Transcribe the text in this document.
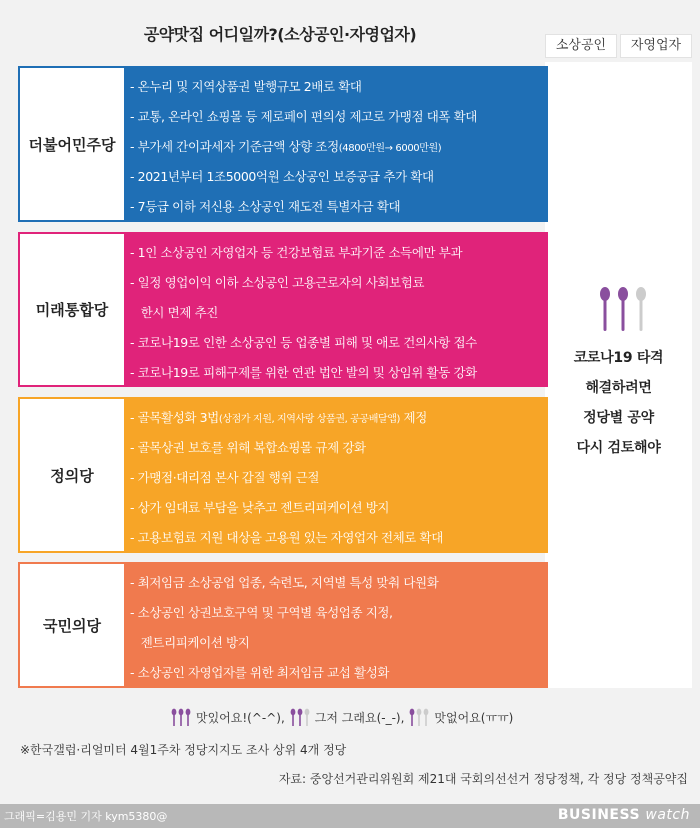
공약맛집 어디일까?(소상공인·자영업자)
소상공인	자영업자
더불어민주당
- 온누리 및 지역상품권 발행규모 2배로 확대
- 교통, 온라인 쇼핑몰 등 제로페이 편의성 제고로 가맹점 대폭 확대
- 부가세 간이과세자 기준금액 상향 조정(4800만원→ 6000만원)
- 2021년부터 1조5000억원 소상공인 보증공급 추가 확대
- 7등급 이하 저신용 소상공인 재도전 특별자금 확대
미래통합당
- 1인 소상공인 자영업자 등 건강보험료 부과기준 소득에만 부과
- 일정 영업이익 이하 소상공인 고용근로자의 사회보험료
한시 면제 추진
- 코로나19로 인한 소상공인 등 업종별 피해 및 애로 건의사항 접수
- 코로나19로 피해구제를 위한 연관 법안 발의 및 상임위 활동 강화
정의당
- 골목활성화 3법(상점가 지원, 지역사랑 상품권, 공공배달앱) 제정
- 골목상권 보호를 위해 복합쇼핑몰 규제 강화
- 가맹점·대리점 본사 갑질 행위 근절
- 상가 임대료 부담을 낮추고 젠트리피케이션 방지
- 고용보험료 지원 대상을 고용원 있는 자영업자 전체로 확대
국민의당
- 최저임금 소상공업 업종, 숙련도, 지역별 특성 맞춰 다원화
- 소상공인 상권보호구역 및 구역별 육성업종 지정,
젠트리피케이션 방지
- 소상공인 자영업자를 위한 최저임금 교섭 활성화
코로나19 타격
해결하려면
정당별 공약
다시 검토해야
맛있어요!(^-^),	그저 그래요(-_-),	맛없어요(ㅠㅠ)
※한국갤럽·리얼미터 4월1주차 정당지지도 조사 상위 4개 정당
자료: 중앙선거관리위원회 제21대 국회의선선거 정당정책, 각 정당 정책공약집
그래픽=김용민 기자 kym5380@	BUSINESS watch
